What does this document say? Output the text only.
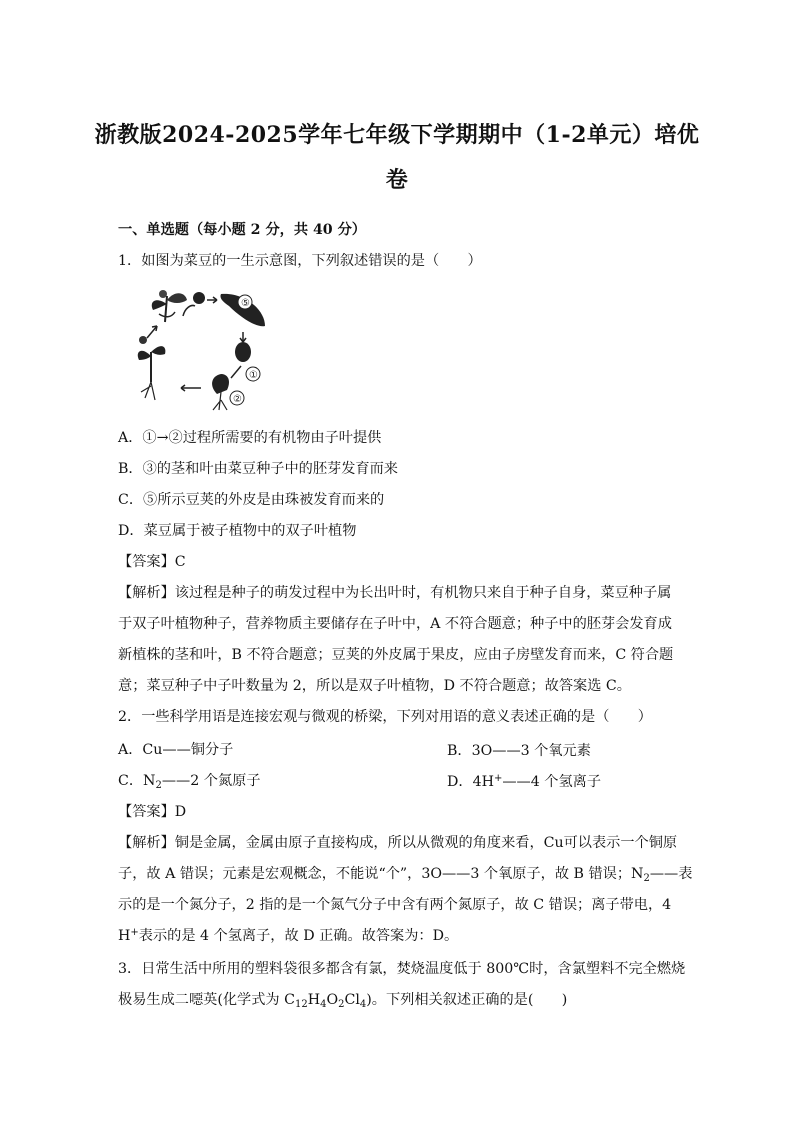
浙教版2024-2025学年七年级下学期期中（1-2单元）培优
卷
一、单选题（每小题 2 分，共 40 分）
1．如图为菜豆的一生示意图，下列叙述错误的是（　　）
⑤
①
②
A．①→②过程所需要的有机物由子叶提供
B．③的茎和叶由菜豆种子中的胚芽发育而来
C．⑤所示豆荚的外皮是由珠被发育而来的
D．菜豆属于被子植物中的双子叶植物
【答案】C
【解析】该过程是种子的萌发过程中为长出叶时，有机物只来自于种子自身，菜豆种子属
于双子叶植物种子，营养物质主要储存在子叶中，A 不符合题意；种子中的胚芽会发育成
新植株的茎和叶，B 不符合题意；豆荚的外皮属于果皮，应由子房壁发育而来，C 符合题
意；菜豆种子中子叶数量为 2，所以是双子叶植物，D 不符合题意；故答案选 C。
2．一些科学用语是连接宏观与微观的桥梁，下列对用语的意义表述正确的是（　　）
A．Cu——铜分子	B．3O——3 个氧元素
C．$N_2——2$ 个氮原子	D．4H+——4 个氢离子
【答案】D
【解析】铜是金属，金属由原子直接构成，所以从微观的角度来看，Cu可以表示一个铜原
子，故 A 错误；元素是宏观概念，不能说“个”，3O——3 个氧原子，故 B 错误；$N_2——$表
示的是一个氮分子，2 指的是一个氮气分子中含有两个氮原子，故 C 错误；离子带电，4
H+表示的是 4 个氢离子，故 D 正确。故答案为：D。
3．日常生活中所用的塑料袋很多都含有氯，焚烧温度低于 800℃时，含氯塑料不完全燃烧
极易生成二噁英(化学式为 $C_{12}H_4O_2Cl_4$)。下列相关叙述正确的是(　　)
